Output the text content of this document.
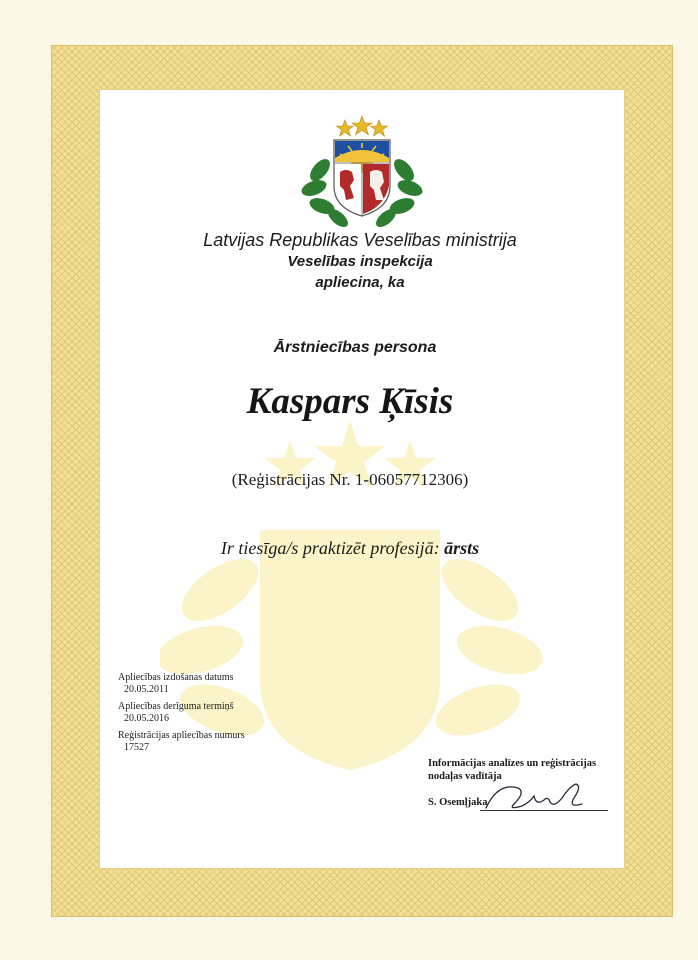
Latvijas Republikas Veselības ministrija
Veselības inspekcija
apliecina, ka
Ārstniecības persona
Kaspars Ķīsis
(Reģistrācijas Nr. 1-06057712306)
Ir tiesīga/s praktizēt profesijā: ārsts
Apliecības izdošanas datums
20.05.2011
Apliecības derīguma termiņš
20.05.2016
Reģistrācijas apliecības numurs
17527
Informācijas analīzes un reģistrācijas nodaļas vadītāja
S. Osemļjaka
